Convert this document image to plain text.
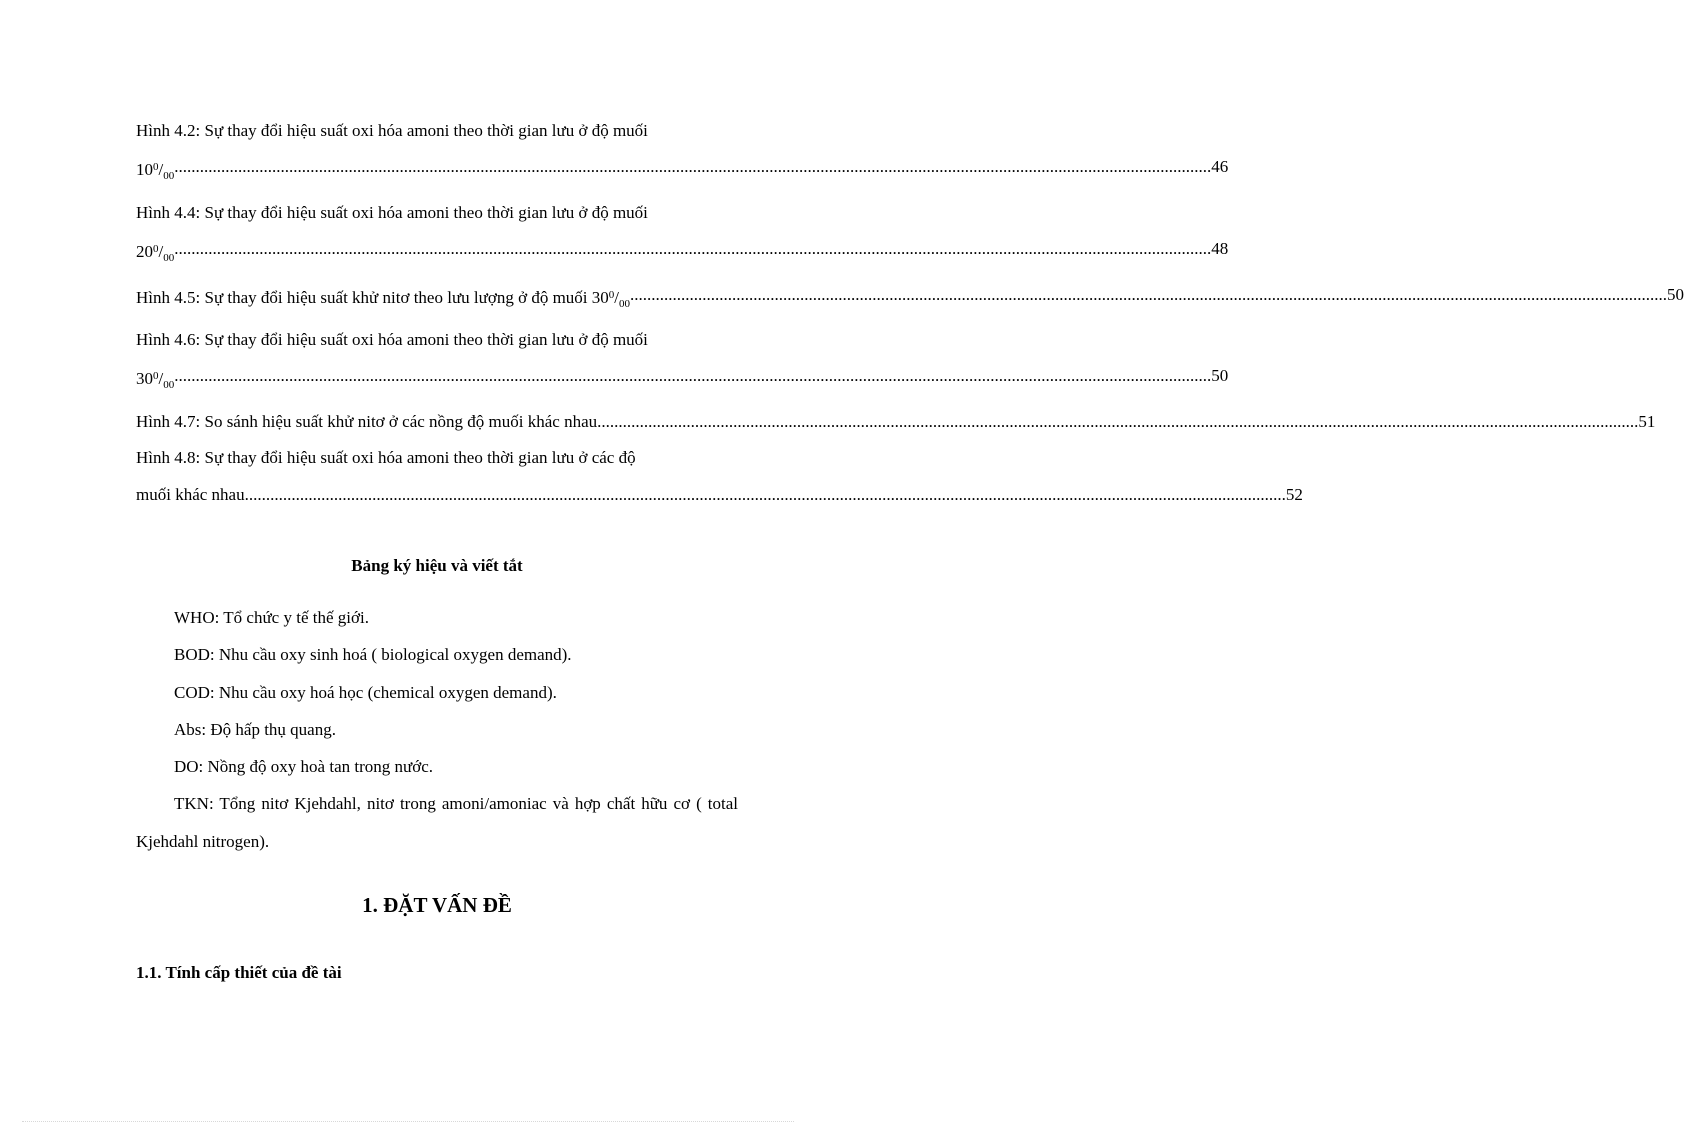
Hình 4.2: Sự thay đổi hiệu suất oxi hóa amoni theo thời gian lưu ở độ muối
$10^0/_{00}$ .................................................................................................................................................................................................................................................... 46
Hình 4.4: Sự thay đổi hiệu suất oxi hóa amoni theo thời gian lưu ở độ muối
$20^0/_{00}$ .................................................................................................................................................................................................................................................... 48
Hình 4.5: Sự thay đổi hiệu suất khử nitơ theo lưu lượng ở độ muối $30^0/_{00}$ .................................................................................................................................................................................................................................................... 50
Hình 4.6: Sự thay đổi hiệu suất oxi hóa amoni theo thời gian lưu ở độ muối
$30^0/_{00}$ .................................................................................................................................................................................................................................................... 50
Hình 4.7: So sánh hiệu suất khử nitơ ở các nồng độ muối khác nhau. .................................................................................................................................................................................................................................................... 51
Hình 4.8: Sự thay đổi hiệu suất oxi hóa amoni theo thời gian lưu ở các độ
muối khác nhau. .................................................................................................................................................................................................................................................... 52
Bảng ký hiệu và viết tắt
WHO: Tổ chức y tế thế giới.
BOD: Nhu cầu oxy sinh hoá ( biological oxygen demand).
COD: Nhu cầu oxy hoá học (chemical oxygen demand).
Abs: Độ hấp thụ quang.
DO: Nồng độ oxy hoà tan trong nước.
TKN: Tổng nitơ Kjehdahl, nitơ trong amoni/amoniac và hợp chất hữu cơ ( total Kjehdahl nitrogen).
1. ĐẶT VẤN ĐỀ
1.1. Tính cấp thiết của đề tài
